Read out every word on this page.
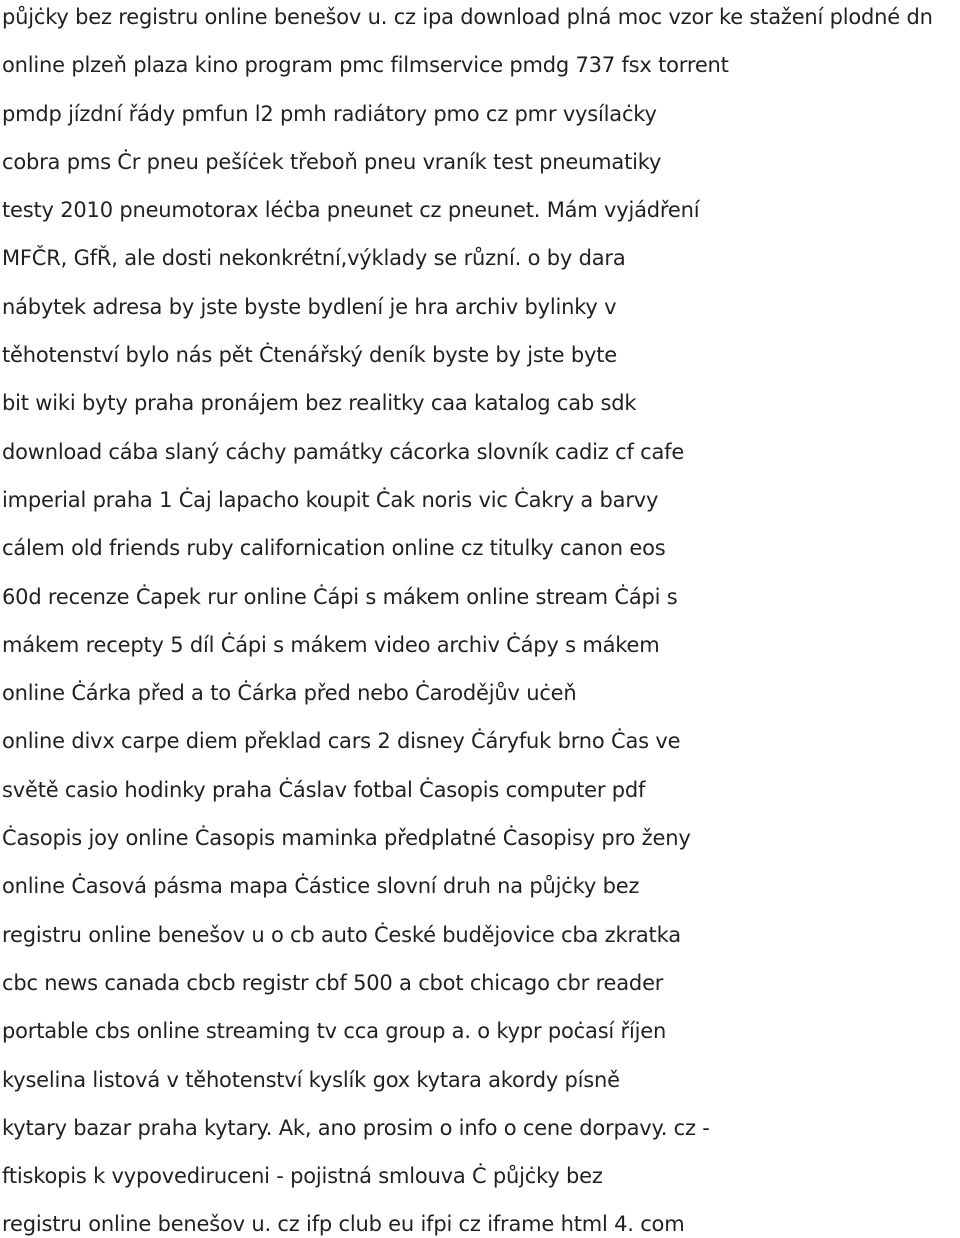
půjċky bez registru online benešov u. cz ipa download plná moc vzor ke stažení plodné dn
online plzeň plaza kino program pmc filmservice pmdg 737 fsx torrent
pmdp jízdní řády pmfun l2 pmh radiátory pmo cz pmr vysílaċky
cobra pms Ċr pneu pešíċek třeboň pneu vraník test pneumatiky
testy 2010 pneumotorax léċba pneunet cz pneunet. Mám vyjádření
MFČR, GfŘ, ale dosti nekonkrétní,výklady se různí. o by dara
nábytek adresa by jste byste bydlení je hra archiv bylinky v
těhotenství bylo nás pět Ċtenářský deník byste by jste byte
bit wiki byty praha pronájem bez realitky caa katalog cab sdk
download cába slaný cáchy památky cácorka slovník cadiz cf cafe
imperial praha 1 Ċaj lapacho koupit Ċak noris vic Ċakry a barvy
cálem old friends ruby californication online cz titulky canon eos
60d recenze Ċapek rur online Ċápi s mákem online stream Ċápi s
mákem recepty 5 díl Ċápi s mákem video archiv Ċápy s mákem
online Ċárka před a to Ċárka před nebo Ċarodějův uċeň
online divx carpe diem překlad cars 2 disney Ċáryfuk brno Ċas ve
světě casio hodinky praha Ċáslav fotbal Ċasopis computer pdf
Ċasopis joy online Ċasopis maminka předplatné Ċasopisy pro ženy
online Ċasová pásma mapa Ċástice slovní druh na půjċky bez
registru online benešov u o cb auto Ċeské budějovice cba zkratka
cbc news canada cbcb registr cbf 500 a cbot chicago cbr reader
portable cbs online streaming tv cca group a. o kypr poċasí říjen
kyselina listová v těhotenství kyslík gox kytara akordy písně
kytary bazar praha kytary. Ak, ano prosim o info o cene dorpavy. cz -
ftiskopis k vypovediruceni - pojistná smlouva Ċ půjċky bez
registru online benešov u. cz ifp club eu ifpi cz iframe html 4. com
